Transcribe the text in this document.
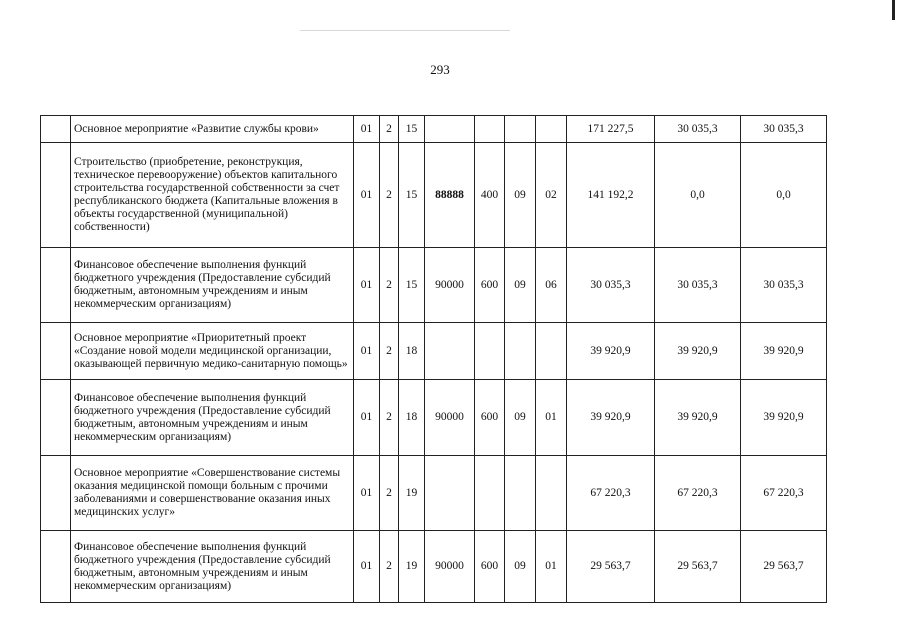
293
	Основное мероприятие «Развитие службы крови»	01	2	15					171 227,5	30 035,3	30 035,3
	Строительство (приобретение, реконструкция, техническое перевооружение) объектов капитального строительства государственной собственности за счет республиканского бюджета (Капитальные вложения в объекты государственной (муниципальной) собственности)	01	2	15	88888	400	09	02	141 192,2	0,0	0,0
	Финансовое обеспечение выполнения функций бюджетного учреждения (Предоставление субсидий бюджетным, автономным учреждениям и иным некоммерческим организациям)	01	2	15	90000	600	09	06	30 035,3	30 035,3	30 035,3
	Основное мероприятие «Приоритетный проект «Создание новой модели медицинской организации, оказывающей первичную медико-санитарную помощь»	01	2	18					39 920,9	39 920,9	39 920,9
	Финансовое обеспечение выполнения функций бюджетного учреждения (Предоставление субсидий бюджетным, автономным учреждениям и иным некоммерческим организациям)	01	2	18	90000	600	09	01	39 920,9	39 920,9	39 920,9
	Основное мероприятие «Совершенствование системы оказания медицинской помощи больным с прочими заболеваниями и совершенствование оказания иных медицинских услуг»	01	2	19					67 220,3	67 220,3	67 220,3
	Финансовое обеспечение выполнения функций бюджетного учреждения (Предоставление субсидий бюджетным, автономным учреждениям и иным некоммерческим организациям)	01	2	19	90000	600	09	01	29 563,7	29 563,7	29 563,7
